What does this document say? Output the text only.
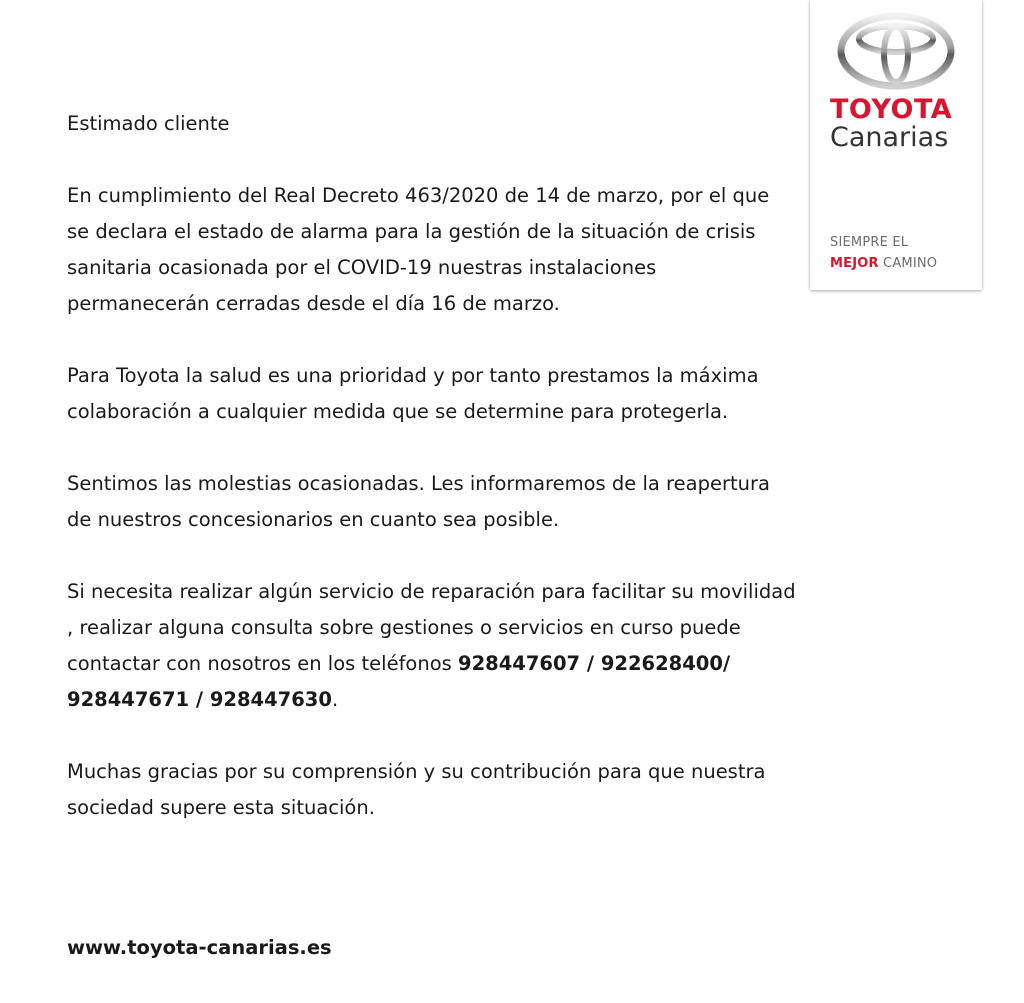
TOYOTA
Canarias
SIEMPRE EL
MEJOR CAMINO

Estimado cliente

En cumplimiento del Real Decreto 463/2020 de 14 de marzo, por el que se declara el estado de alarma para la gestión de la situación de crisis sanitaria ocasionada por el COVID-19 nuestras instalaciones permanecerán cerradas desde el día 16 de marzo.

Para Toyota la salud es una prioridad y por tanto prestamos la máxima colaboración a cualquier medida que se determine para protegerla.

Sentimos las molestias ocasionadas. Les informaremos de la reapertura de nuestros concesionarios en cuanto sea posible.

Si necesita realizar algún servicio de reparación para facilitar su movilidad , realizar alguna consulta sobre gestiones o servicios en curso puede contactar con nosotros en los teléfonos 928447607 / 922628400/ 928447671 / 928447630.

Muchas gracias por su comprensión y su contribución para que nuestra sociedad supere esta situación.

www.toyota-canarias.es
